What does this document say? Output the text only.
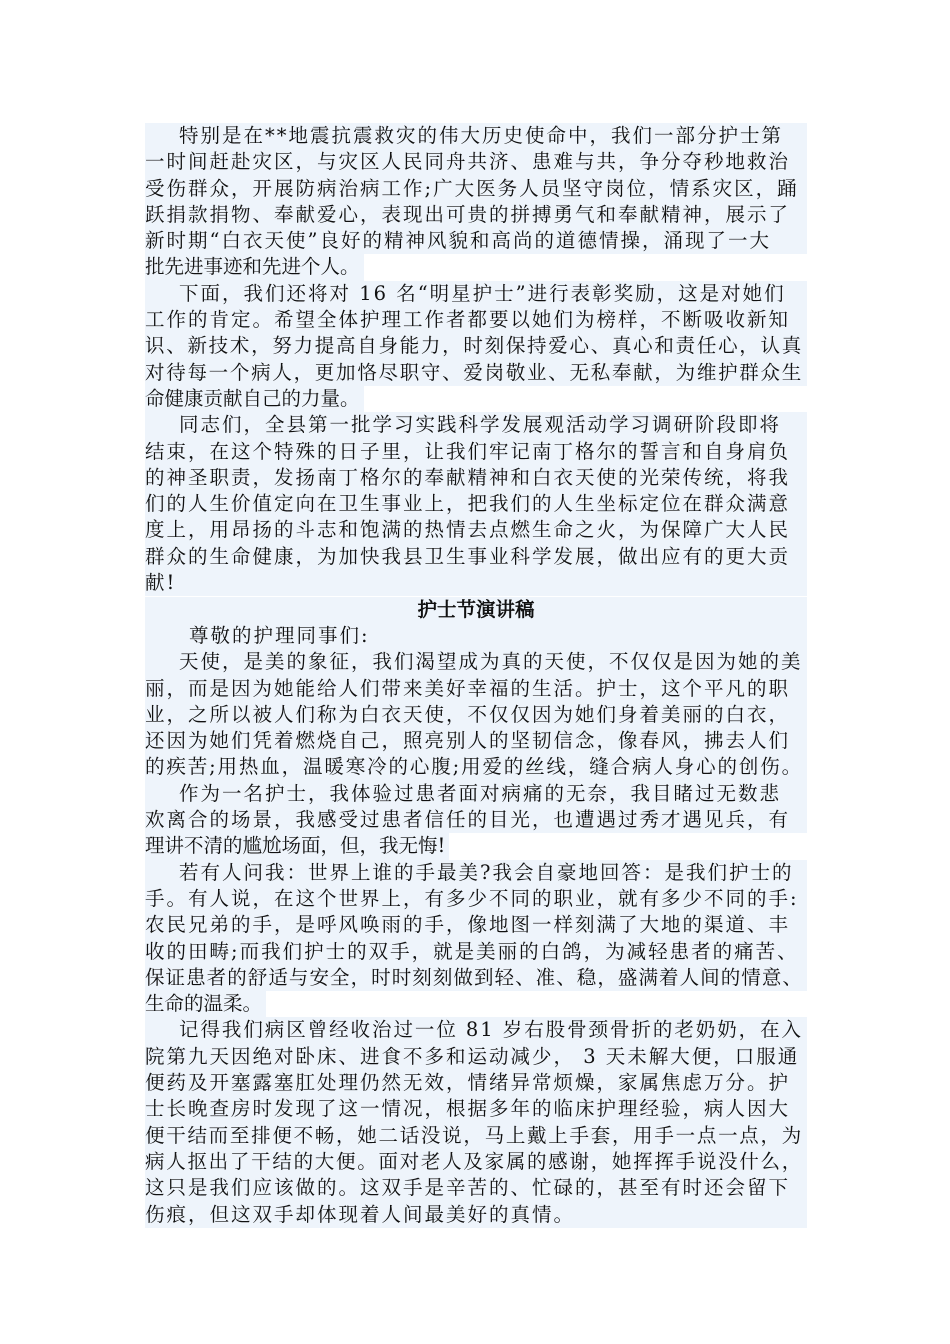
特别是在**地震抗震救灾的伟大历史使命中，我们一部分护士第
一时间赶赴灾区，与灾区人民同舟共济、患难与共，争分夺秒地救治
受伤群众，开展防病治病工作;广大医务人员坚守岗位，情系灾区，踊
跃捐款捐物、奉献爱心，表现出可贵的拼搏勇气和奉献精神，展示了
新时期“白衣天使”良好的精神风貌和高尚的道德情操，涌现了一大
批先进事迹和先进个人。
下面，我们还将对 16 名“明星护士”进行表彰奖励，这是对她们
工作的肯定。希望全体护理工作者都要以她们为榜样，不断吸收新知
识、新技术，努力提高自身能力，时刻保持爱心、真心和责任心，认真
对待每一个病人，更加恪尽职守、爱岗敬业、无私奉献，为维护群众生
命健康贡献自己的力量。
同志们，全县第一批学习实践科学发展观活动学习调研阶段即将
结束，在这个特殊的日子里，让我们牢记南丁格尔的誓言和自身肩负
的神圣职责，发扬南丁格尔的奉献精神和白衣天使的光荣传统，将我
们的人生价值定向在卫生事业上，把我们的人生坐标定位在群众满意
度上，用昂扬的斗志和饱满的热情去点燃生命之火，为保障广大人民
群众的生命健康，为加快我县卫生事业科学发展，做出应有的更大贡
献!
护士节演讲稿
尊敬的护理同事们:
天使，是美的象征，我们渴望成为真的天使，不仅仅是因为她的美
丽，而是因为她能给人们带来美好幸福的生活。护士，这个平凡的职
业，之所以被人们称为白衣天使，不仅仅因为她们身着美丽的白衣，
还因为她们凭着燃烧自己，照亮别人的坚韧信念，像春风，拂去人们
的疾苦;用热血，温暖寒冷的心腹;用爱的丝线，缝合病人身心的创伤。
作为一名护士，我体验过患者面对病痛的无奈，我目睹过无数悲
欢离合的场景，我感受过患者信任的目光，也遭遇过秀才遇见兵，有
理讲不清的尴尬场面，但，我无悔!
若有人问我：世界上谁的手最美?我会自豪地回答：是我们护士的
手。有人说，在这个世界上，有多少不同的职业，就有多少不同的手:
农民兄弟的手，是呼风唤雨的手，像地图一样刻满了大地的渠道、丰
收的田畴;而我们护士的双手，就是美丽的白鸽，为减轻患者的痛苦、
保证患者的舒适与安全，时时刻刻做到轻、准、稳，盛满着人间的情意、
生命的温柔。
记得我们病区曾经收治过一位 81 岁右股骨颈骨折的老奶奶，在入
院第九天因绝对卧床、进食不多和运动减少， 3 天未解大便，口服通
便药及开塞露塞肛处理仍然无效，情绪异常烦燥，家属焦虑万分。护
士长晚查房时发现了这一情况，根据多年的临床护理经验，病人因大
便干结而至排便不畅，她二话没说，马上戴上手套，用手一点一点，为
病人抠出了干结的大便。面对老人及家属的感谢，她挥挥手说没什么，
这只是我们应该做的。这双手是辛苦的、忙碌的，甚至有时还会留下
伤痕，但这双手却体现着人间最美好的真情。
